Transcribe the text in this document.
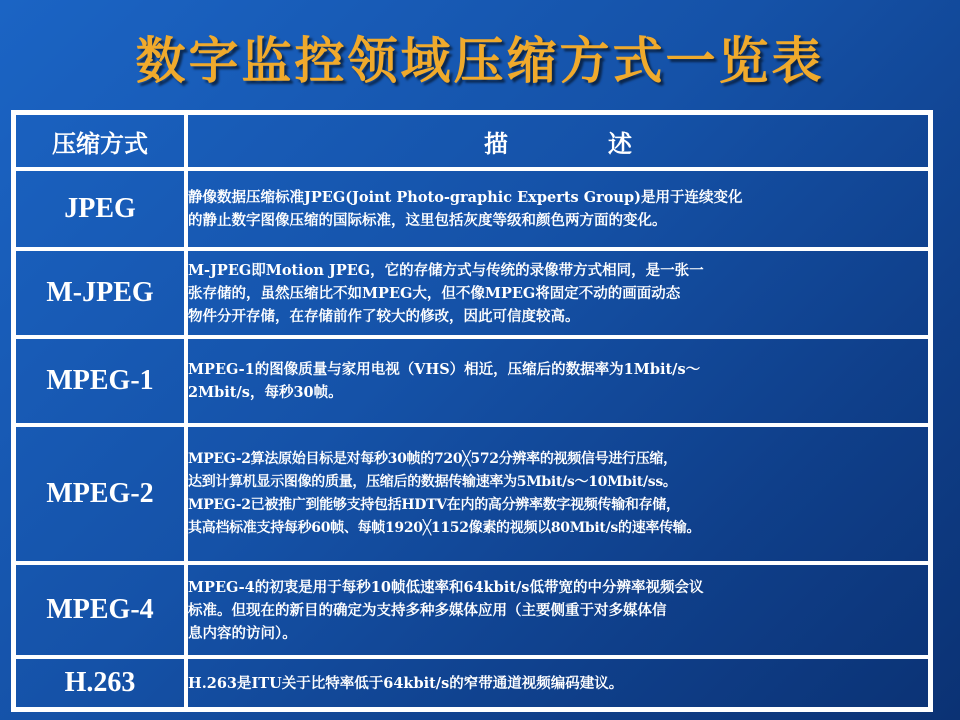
数字监控领域压缩方式一览表
压缩方式	描　述
JPEG	静像数据压缩标准JPEG(Joint Photo-graphic Experts Group)是用于连续变化
的静止数字图像压缩的国际标准，这里包括灰度等级和颜色两方面的变化。
M-JPEG	M-JPEG即Motion JPEG，它的存储方式与传统的录像带方式相同，是一张一
张存储的，虽然压缩比不如MPEG大，但不像MPEG将固定不动的画面动态
物件分开存储，在存储前作了较大的修改，因此可信度较高。
MPEG-1	MPEG-1的图像质量与家用电视（VHS）相近，压缩后的数据率为1Mbit/s～
2Mbit/s，每秒30帧。
MPEG-2	MPEG-2算法原始目标是对每秒30帧的720╳572分辨率的视频信号进行压缩，
达到计算机显示图像的质量，压缩后的数据传输速率为5Mbit/s～10Mbit/ss。
MPEG-2已被推广到能够支持包括HDTV在内的高分辨率数字视频传输和存储，
其高档标准支持每秒60帧、每帧1920╳1152像素的视频以80Mbit/s的速率传输。
MPEG-4	MPEG-4的初衷是用于每秒10帧低速率和64kbit/s低带宽的中分辨率视频会议
标准。但现在的新目的确定为支持多种多媒体应用（主要侧重于对多媒体信
息内容的访问）。
H.263	H.263是ITU关于比特率低于64kbit/s的窄带通道视频编码建议。
